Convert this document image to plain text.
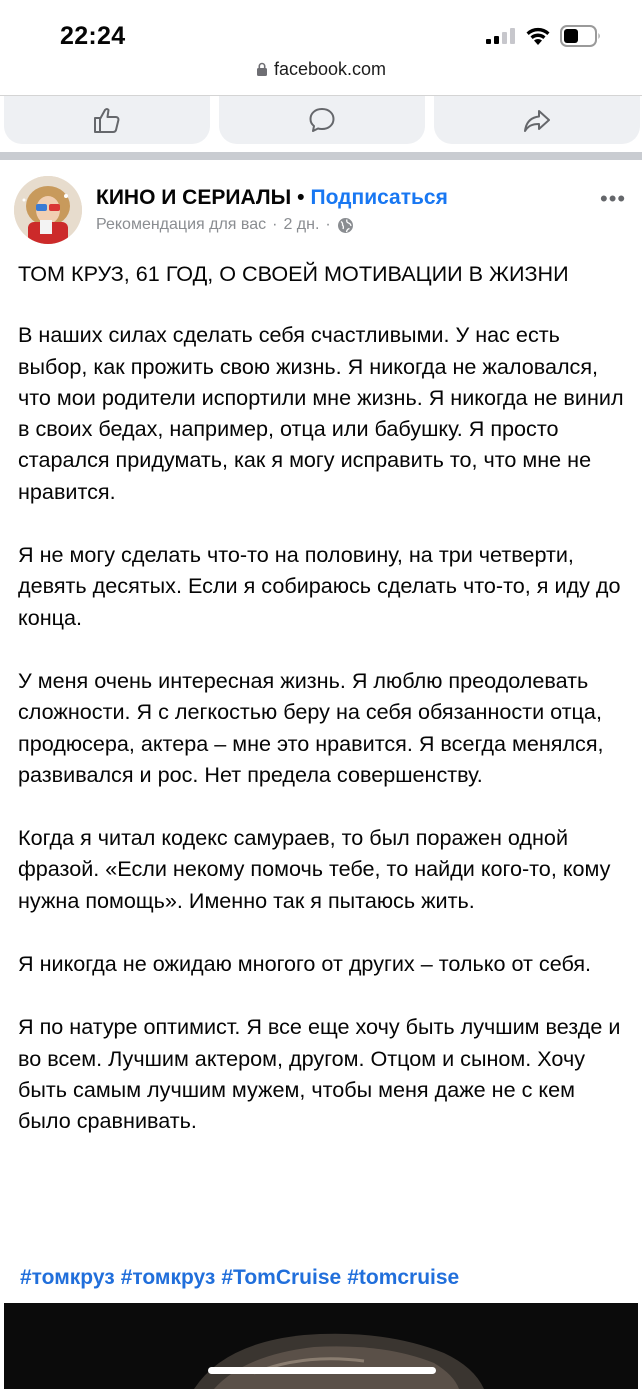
22:24
facebook.com
КИНО И СЕРИАЛЫ • Подписаться
Рекомендация для вас · 2 дн. ·
•••

ТОМ КРУЗ, 61 ГОД, О СВОЕЙ МОТИВАЦИИ В ЖИЗНИ

В наших силах сделать себя счастливыми. У нас есть выбор, как прожить свою жизнь. Я никогда не жаловался, что мои родители испортили мне жизнь. Я никогда не винил в своих бедах, например, отца или бабушку. Я просто старался придумать, как я могу исправить то, что мне не нравится.

Я не могу сделать что-то на половину, на три четверти, девять десятых. Если я собираюсь сделать что-то, я иду до конца.

У меня очень интересная жизнь. Я люблю преодолевать сложности. Я с легкостью беру на себя обязанности отца, продюсера, актера – мне это нравится. Я всегда менялся, развивался и рос. Нет предела совершенству.

Когда я читал кодекс самураев, то был поражен одной фразой. «Если некому помочь тебе, то найди кого-то, кому нужна помощь». Именно так я пытаюсь жить.

Я никогда не ожидаю многого от других – только от себя.

Я по натуре оптимист. Я все еще хочу быть лучшим везде и во всем. Лучшим актером, другом. Отцом и сыном. Хочу быть самым лучшим мужем, чтобы меня даже не с кем было сравнивать.

#томкруз #томкруз #TomCruise #tomcruise
